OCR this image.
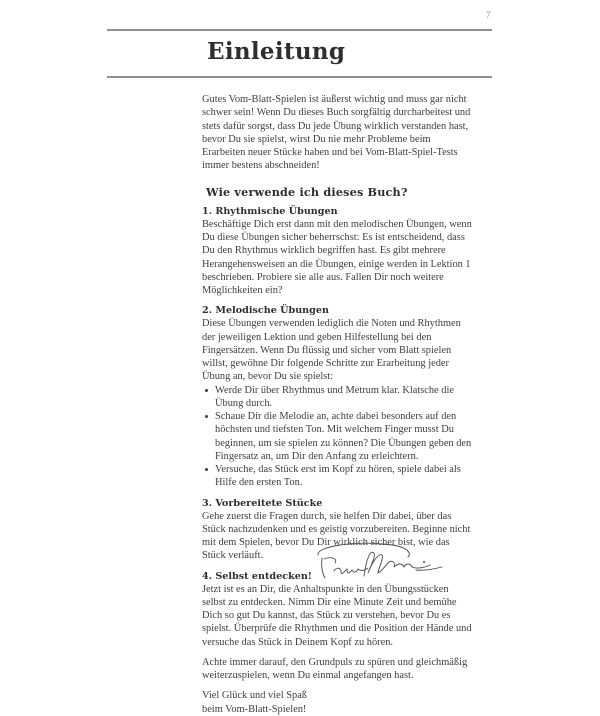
7
Einleitung

Gutes Vom-Blatt-Spielen ist äußerst wichtig und muss gar nicht schwer sein! Wenn Du dieses Buch sorgfältig durcharbeitest und stets dafür sorgst, dass Du jede Übung wirklich verstanden hast, bevor Du sie spielst, wirst Du nie mehr Probleme beim Erarbeiten neuer Stücke haben und bei Vom-Blatt-Spiel-Tests immer bestens abschneiden!

Wie verwende ich dieses Buch?
1. Rhythmische Übungen

Beschäftige Dich erst dann mit den melodischen Übungen, wenn Du diese Übungen sicher beherrschst: Es ist entscheidend, dass Du den Rhythmus wirklich begriffen hast. Es gibt mehrere Herangehensweisen an die Übungen, einige werden in Lektion 1 beschrieben. Probiere sie alle aus. Fallen Dir noch weitere Möglichkeiten ein?

2. Melodische Übungen

Diese Übungen verwenden lediglich die Noten und Rhythmen der jeweiligen Lektion und geben Hilfestellung bei den Fingersätzen. Wenn Du flüssig und sicher vom Blatt spielen willst, gewöhne Dir folgende Schritte zur Erarbeitung jeder Übung an, bevor Du sie spielst:

Werde Dir über Rhythmus und Metrum klar. Klatsche die Übung durch.
Schaue Dir die Melodie an, achte dabei besonders auf den höchsten und tiefsten Ton. Mit welchem Finger musst Du beginnen, um sie spielen zu können? Die Übungen geben den Fingersatz an, um Dir den Anfang zu erleichtern.
Versuche, das Stück erst im Kopf zu hören, spiele dabei als Hilfe den ersten Ton.
3. Vorbereitete Stücke

Gehe zuerst die Fragen durch, sie helfen Dir dabei, über das Stück nachzudenken und es geistig vorzubereiten. Beginne nicht mit dem Spielen, bevor Du Dir wirklich sicher bist, wie das Stück verläuft.

4. Selbst entdecken!

Jetzt ist es an Dir, die Anhaltspunkte in den Übungsstücken selbst zu entdecken. Nimm Dir eine Minute Zeit und bemühe Dich so gut Du kannst, das Stück zu verstehen, bevor Du es spielst. Überprüfe die Rhythmen und die Position der Hände und versuche das Stück in Deinem Kopf zu hören.

Achte immer darauf, den Grundpuls zu spüren und gleichmäßig weiterzuspielen, wenn Du einmal angefangen hast.

Viel Glück und viel Spaß beim Vom-Blatt-Spielen!
